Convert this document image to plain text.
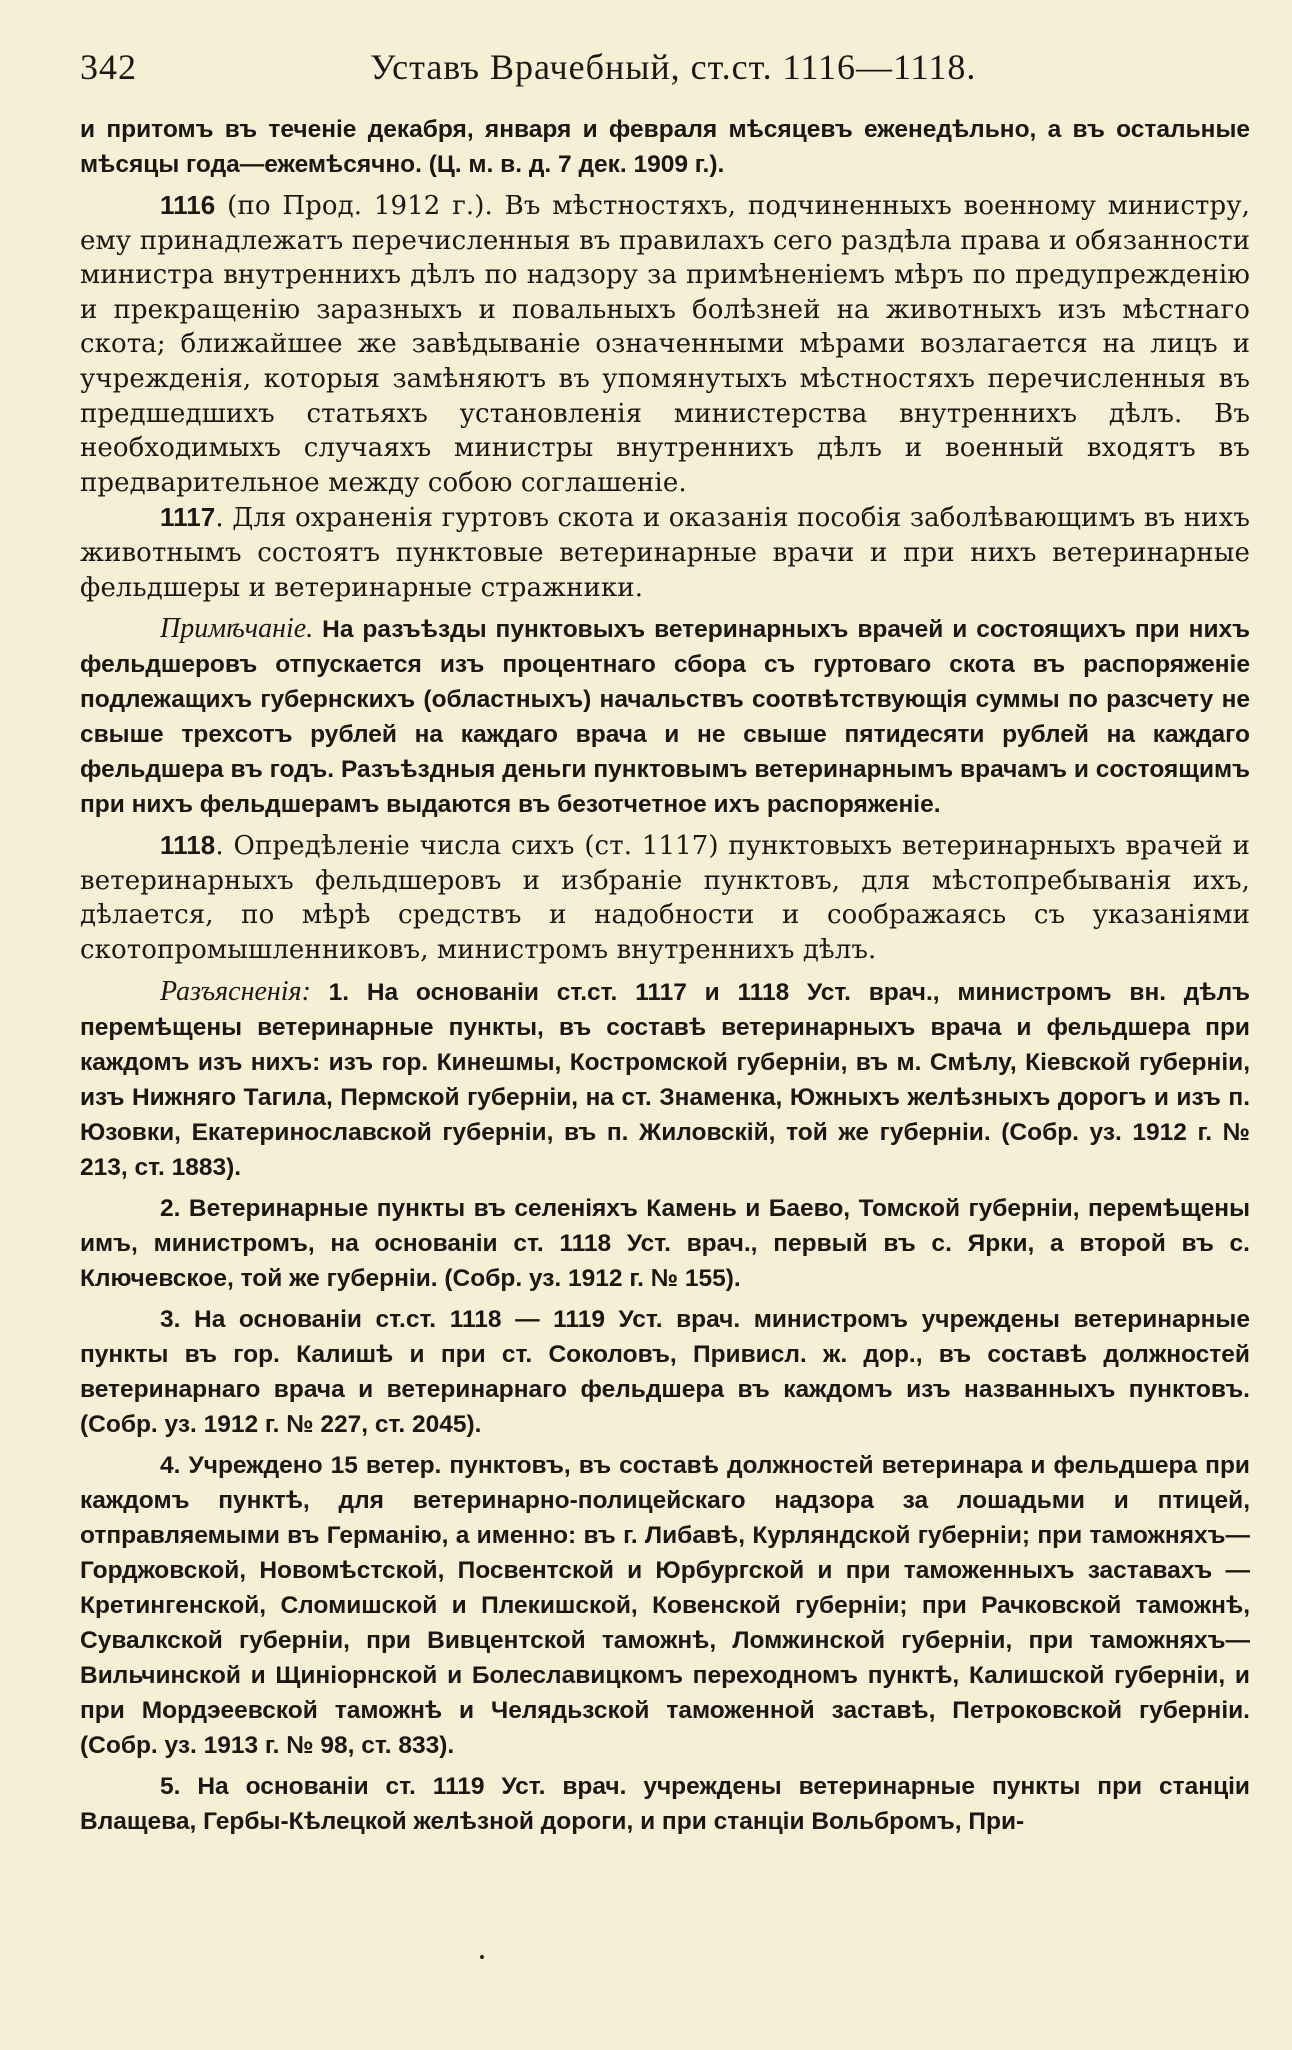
342	Уставъ Врачебный, ст.ст. 1116—1118.

и притомъ въ теченіе декабря, января и февраля мѣсяцевъ еженедѣльно, а въ остальные мѣсяцы года—ежемѣсячно. (Ц. м. в. д. 7 дек. 1909 г.).

1116 (по Прод. 1912 г.). Въ мѣстностяхъ, подчиненныхъ военному министру, ему принадлежатъ перечисленныя въ правилахъ сего раздѣла права и обязанности министра внутреннихъ дѣлъ по надзору за примѣненіемъ мѣръ по предупрежденію и прекращенію заразныхъ и повальныхъ болѣзней на животныхъ изъ мѣстнаго скота; ближайшее же завѣдываніе означенными мѣрами возлагается на лицъ и учрежденія, которыя замѣняютъ въ упомянутыхъ мѣстностяхъ перечисленныя въ предшедшихъ статьяхъ установленія министерства внутреннихъ дѣлъ. Въ необходимыхъ случаяхъ министры внутреннихъ дѣлъ и военный входятъ въ предварительное между собою соглашеніе.

1117. Для охраненія гуртовъ скота и оказанія пособія заболѣвающимъ въ нихъ животнымъ состоятъ пунктовые ветеринарные врачи и при нихъ ветеринарные фельдшеры и ветеринарные стражники.

Примѣчаніе. На разъѣзды пунктовыхъ ветеринарныхъ врачей и состоящихъ при нихъ фельдшеровъ отпускается изъ процентнаго сбора съ гуртоваго скота въ распоряженіе подлежащихъ губернскихъ (областныхъ) начальствъ соотвѣтствующія суммы по разсчету не свыше трехсотъ рублей на каждаго врача и не свыше пятидесяти рублей на каждаго фельдшера въ годъ. Разъѣздныя деньги пунктовымъ ветеринарнымъ врачамъ и состоящимъ при нихъ фельдшерамъ выдаются въ безотчетное ихъ распоряженіе.

1118. Опредѣленіе числа сихъ (ст. 1117) пунктовыхъ ветеринарныхъ врачей и ветеринарныхъ фельдшеровъ и избраніе пунктовъ, для мѣстопребыванія ихъ, дѣлается, по мѣрѣ средствъ и надобности и соображаясь съ указаніями скотопромышленниковъ, министромъ внутреннихъ дѣлъ.

Разъясненія: 1. На основаніи ст.ст. 1117 и 1118 Уст. врач., министромъ вн. дѣлъ перемѣщены ветеринарные пункты, въ составѣ ветеринарныхъ врача и фельдшера при каждомъ изъ нихъ: изъ гор. Кинешмы, Костромской губерніи, въ м. Смѣлу, Кіевской губерніи, изъ Нижняго Тагила, Пермской губерніи, на ст. Знаменка, Южныхъ желѣзныхъ дорогъ и изъ п. Юзовки, Екатеринославской губерніи, въ п. Жиловскій, той же губерніи. (Собр. уз. 1912 г. № 213, ст. 1883).

2. Ветеринарные пункты въ селеніяхъ Камень и Баево, Томской губерніи, перемѣщены имъ, министромъ, на основаніи ст. 1118 Уст. врач., первый въ с. Ярки, а второй въ с. Ключевское, той же губерніи. (Собр. уз. 1912 г. № 155).

3. На основаніи ст.ст. 1118 — 1119 Уст. врач. министромъ учреждены ветеринарные пункты въ гор. Калишѣ и при ст. Соколовъ, Привисл. ж. дор., въ составѣ должностей ветеринарнаго врача и ветеринарнаго фельдшера въ каждомъ изъ названныхъ пунктовъ. (Собр. уз. 1912 г. № 227, ст. 2045).

4. Учреждено 15 ветер. пунктовъ, въ составѣ должностей ветеринара и фельдшера при каждомъ пунктѣ, для ветеринарно-полицейскаго надзора за лошадьми и птицей, отправляемыми въ Германію, а именно: въ г. Либавѣ, Курляндской губерніи; при таможняхъ—Горджовской, Новомѣстской, Посвентской и Юрбургской и при таможенныхъ заставахъ — Кретингенской, Сломишской и Плекишской, Ковенской губерніи; при Рачковской таможнѣ, Сувалкской губерніи, при Вивцентской таможнѣ, Ломжинской губерніи, при таможняхъ—Вильчинской и Щиніорнской и Болеславицкомъ переходномъ пунктѣ, Калишской губерніи, и при Мордэеевской таможнѣ и Челядьзской таможенной заставѣ, Петроковской губерніи. (Собр. уз. 1913 г. № 98, ст. 833).

5. На основаніи ст. 1119 Уст. врач. учреждены ветеринарные пункты при станціи Влащева, Гербы-Кѣлецкой желѣзной дороги, и при станціи Вольбромъ, При-
